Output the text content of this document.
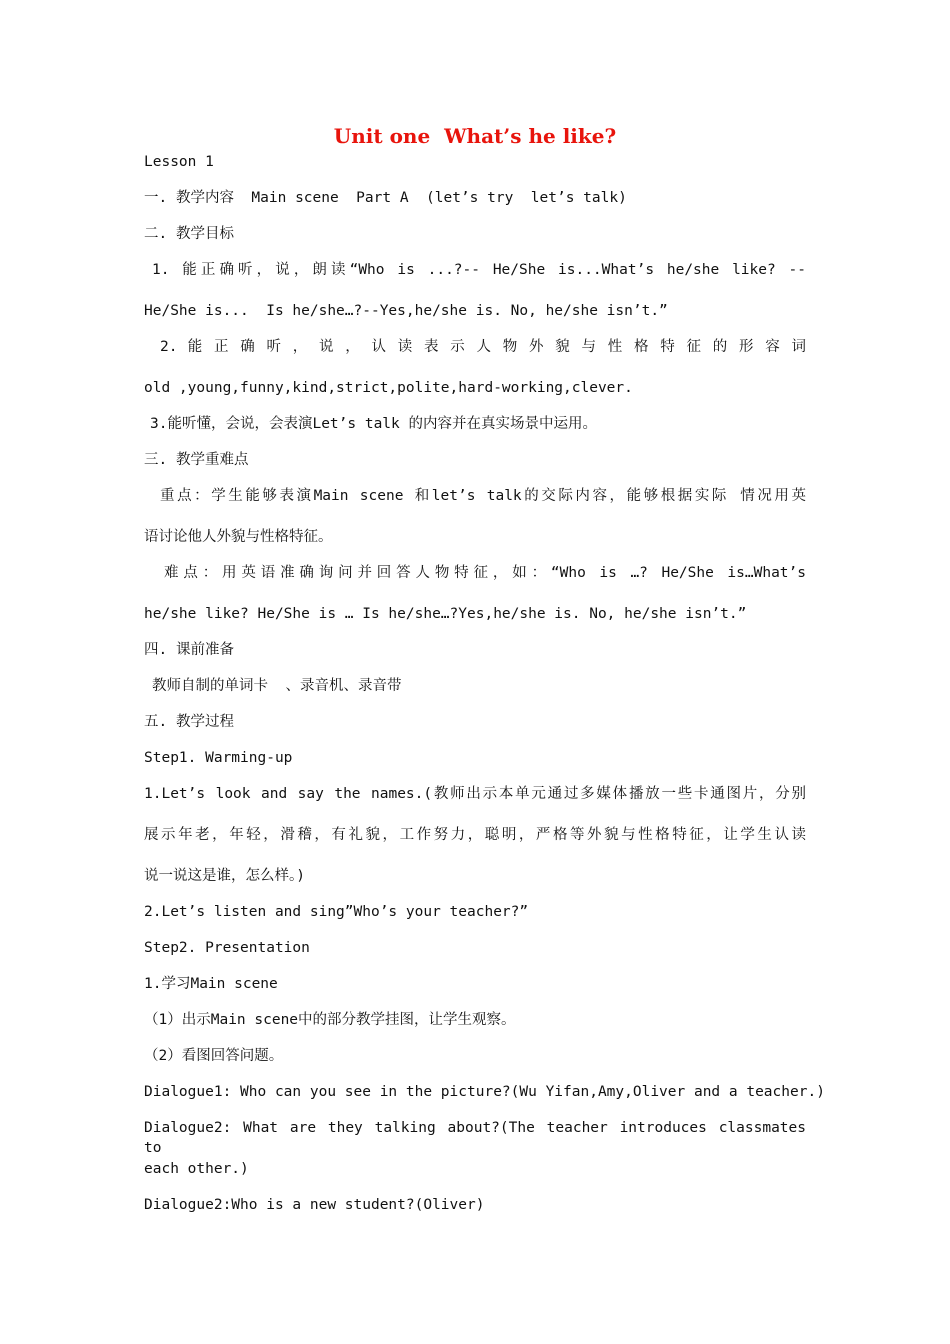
Unit one  What’s he like?
Lesson 1
一. 教学内容  Main scene  Part A  (let’s try  let’s talk)
二. 教学目标
1. 能正确听，说，朗读“Who is ...?-- He/She is...What’s he/she like? --
He/She is...  Is he/she…?--Yes,he/she is. No, he/she isn’t.”
2. 能 正 确 听 ， 说 ， 认 读 表 示 人 物 外 貌 与 性 格 特 征 的 形 容 词
old ,young,funny,kind,strict,polite,hard-working,clever.
3.能听懂，会说，会表演Let’s talk 的内容并在真实场景中运用。
三. 教学重难点
重点：学生能够表演Main scene 和let’s talk的交际内容，能够根据实际 情况用英
语讨论他人外貌与性格特征。
难点：用英语准确询问并回答人物特征，如：“Who is …? He/She is…What’s
he/she like? He/She is … Is he/she…?Yes,he/she is. No, he/she isn’t.”
四. 课前准备
教师自制的单词卡  、录音机、录音带
五. 教学过程
Step1. Warming-up
1.Let’s look and say the names.(教师出示本单元通过多媒体播放一些卡通图片，分别
展示年老，年轻，滑稽，有礼貌，工作努力，聪明，严格等外貌与性格特征，让学生认读
说一说这是谁，怎么样。)
2.Let’s listen and sing”Who’s your teacher?”
Step2. Presentation
1.学习Main scene
（1）出示Main scene中的部分教学挂图，让学生观察。
（2）看图回答问题。
Dialogue1: Who can you see in the picture?(Wu Yifan,Amy,Oliver and a teacher.)
Dialogue2: What are they talking about?(The teacher introduces classmates to
each other.)
Dialogue2:Who is a new student?(Oliver)
